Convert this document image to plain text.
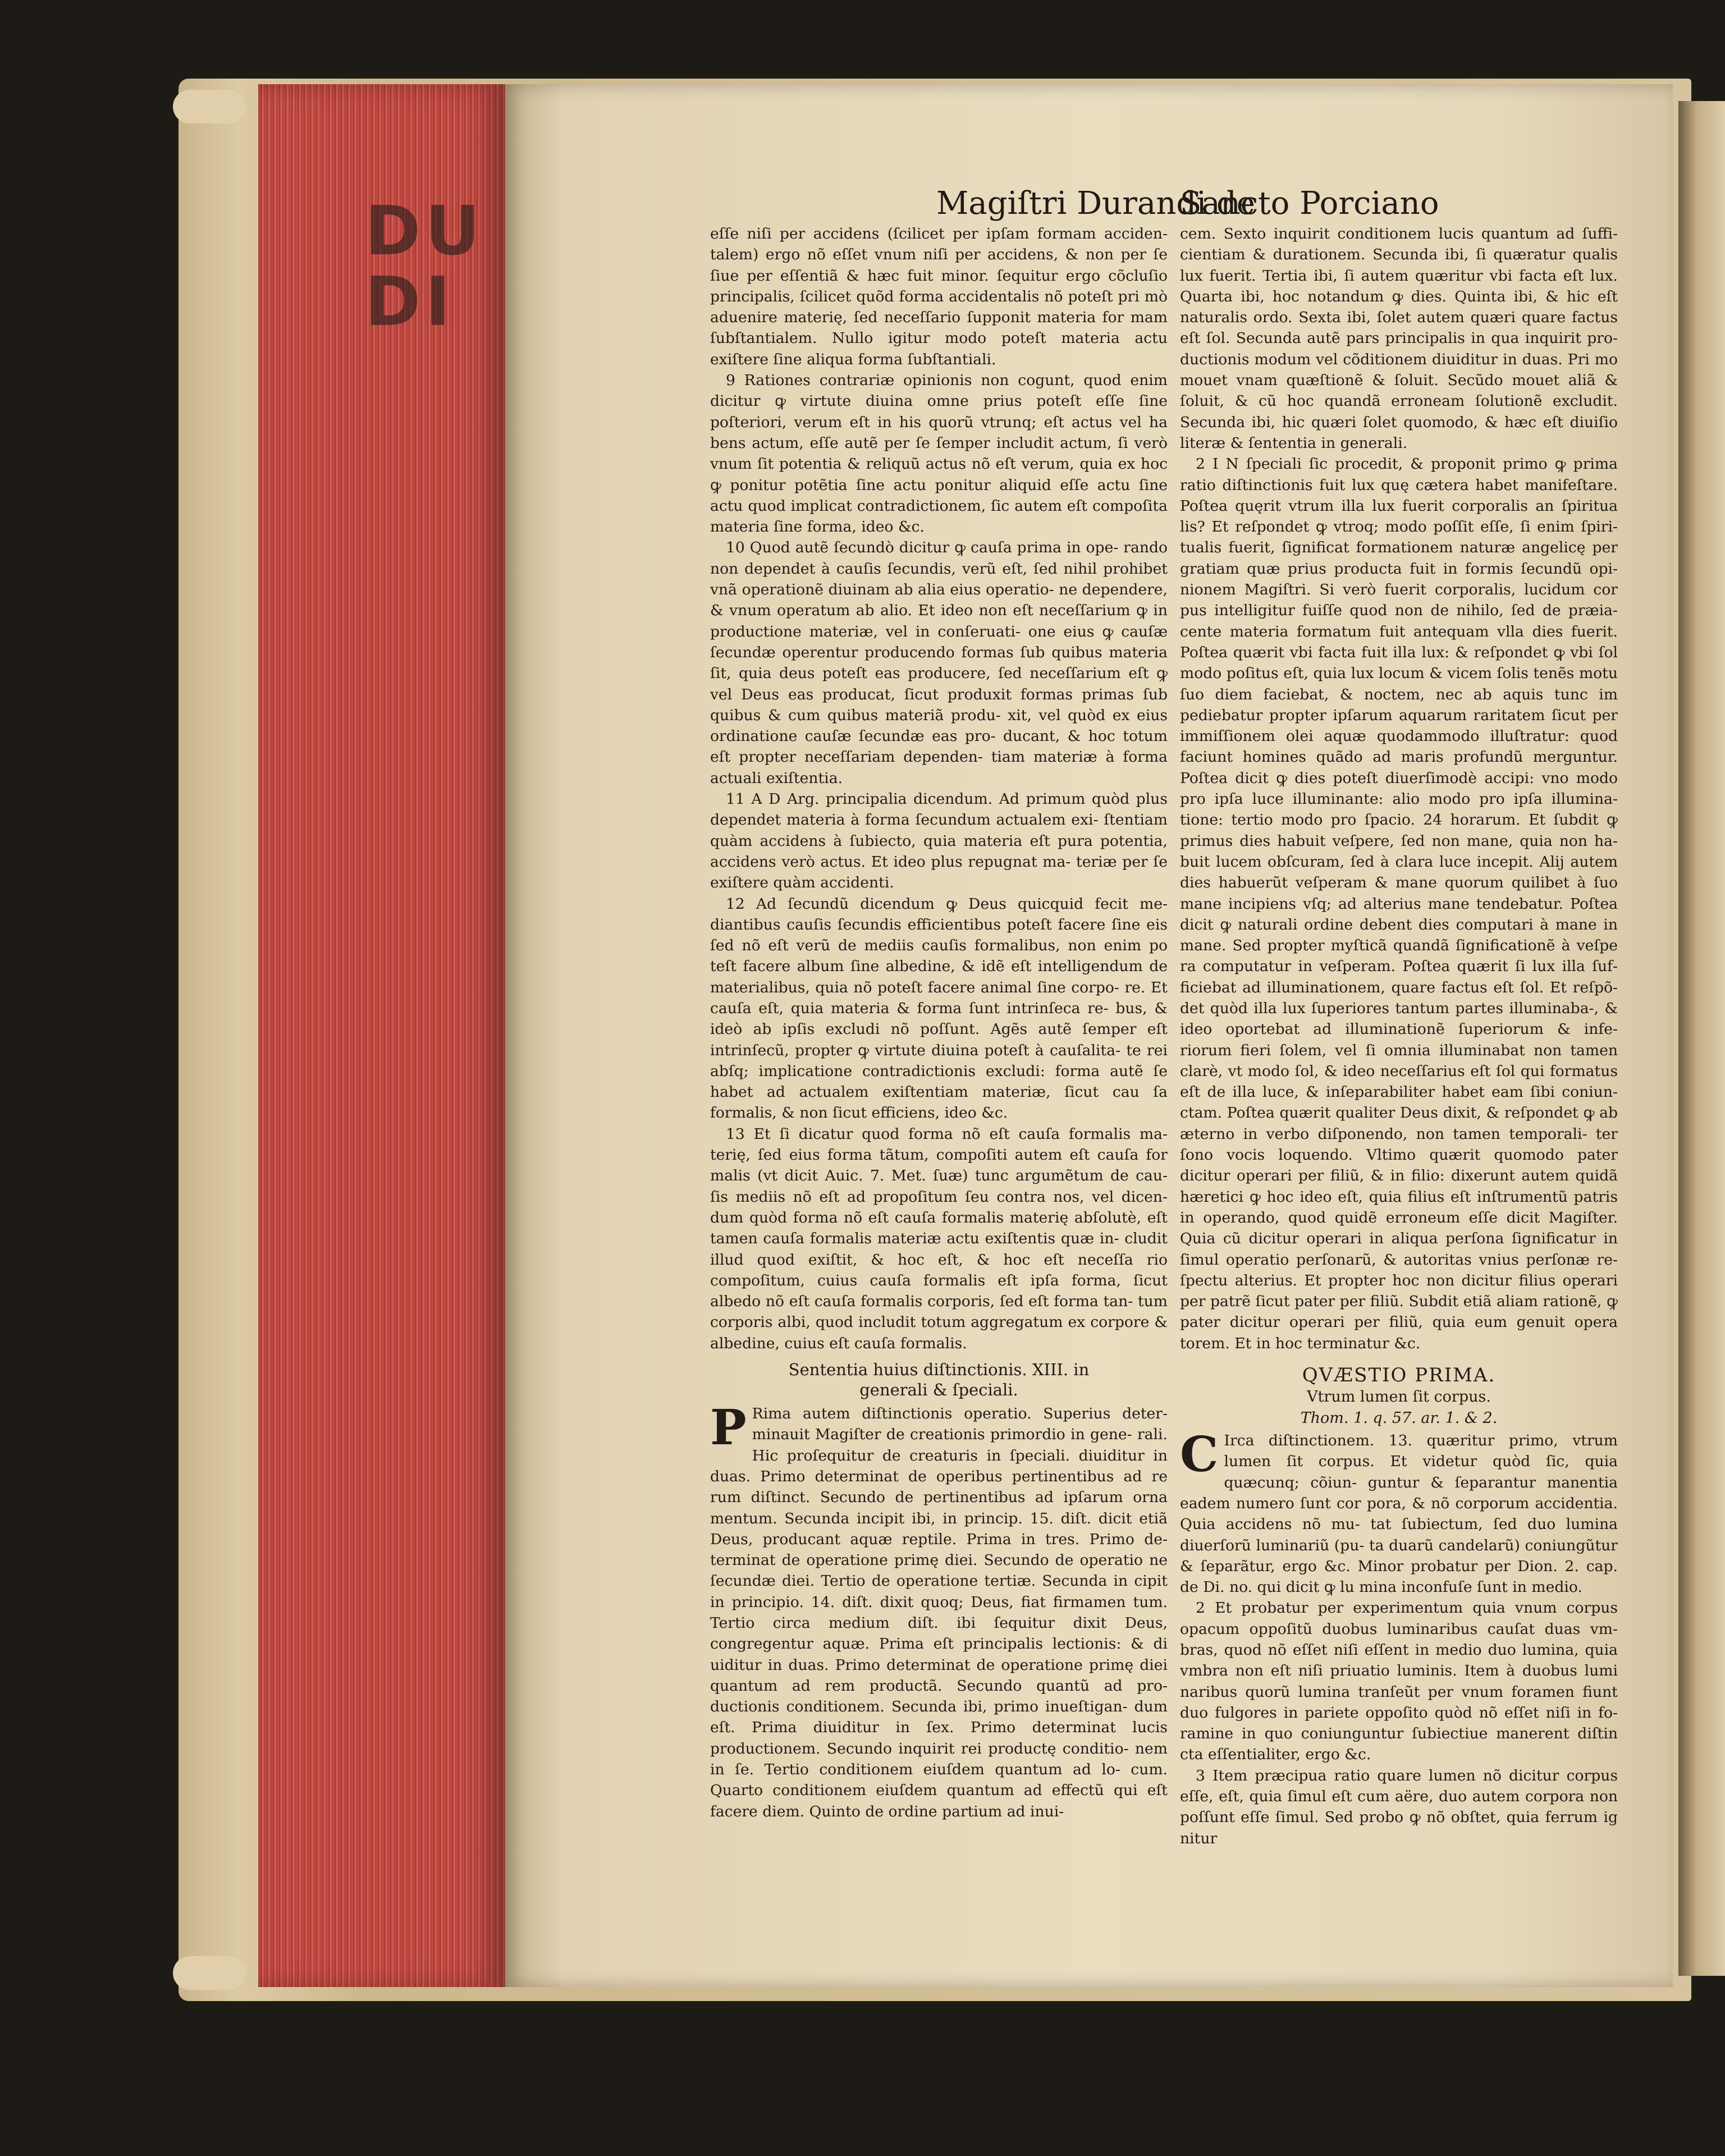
DU
DI
Magiſtri Durandi de
Sancto Porciano

eſſe niſi per accidens (ſcilicet per ipſam formam acciden‑ talem) ergo nõ eſſet vnum niſi per accidens, & non per ſe ſiue per eſſentiã & hæc fuit minor. ſequitur ergo cõcluſio principalis, ſcilicet quõd forma accidentalis nõ poteſt pri mò aduenire materię, ſed neceſſario ſupponit materia for mam ſubſtantialem. Nullo igitur modo poteſt materia actu exiſtere ſine aliqua forma ſubſtantiali.

9 Rationes contrariæ opinionis non cogunt, quod enim dicitur ꝙ virtute diuina omne prius poteſt eſſe ſine poſteriori, verum eſt in his quorũ vtrunq; eſt actus vel ha bens actum, eſſe autẽ per ſe ſemper includit actum, ſi verò vnum ſit potentia & reliquũ actus nõ eſt verum, quia ex hoc ꝙ ponitur potẽtia ſine actu ponitur aliquid eſſe actu ſine actu quod implicat contradictionem, ſic autem eſt compoſita materia ſine forma, ideo &c.

10 Quod autẽ ſecundò dicitur ꝙ cauſa prima in ope‑ rando non dependet à cauſis ſecundis, verũ eſt, ſed nihil prohibet vnã operationẽ diuinam ab alia eius operatio‑ ne dependere, & vnum operatum ab alio. Et ideo non eſt neceſſarium ꝙ in productione materiæ, vel in conſeruati‑ one eius ꝙ cauſæ ſecundæ operentur producendo formas ſub quibus materia ſit, quia deus poteſt eas producere, ſed neceſſarium eſt ꝙ vel Deus eas producat, ſicut produxit formas primas ſub quibus & cum quibus materiã produ‑ xit, vel quòd ex eius ordinatione cauſæ ſecundæ eas pro‑ ducant, & hoc totum eſt propter neceſſariam dependen‑ tiam materiæ à forma actuali exiſtentia.

11 A D Arg. principalia dicendum. Ad primum quòd plus dependet materia à forma ſecundum actualem exi‑ ſtentiam quàm accidens à ſubiecto, quia materia eſt pura potentia, accidens verò actus. Et ideo plus repugnat ma‑ teriæ per ſe exiſtere quàm accidenti.

12 Ad ſecundũ dicendum ꝙ Deus quicquid fecit me‑ diantibus cauſis ſecundis efficientibus poteſt facere ſine eis ſed nõ eſt verũ de mediis cauſis formalibus, non enim po teſt facere album ſine albedine, & idẽ eſt intelligendum de materialibus, quia nõ poteſt facere animal ſine corpo‑ re. Et cauſa eſt, quia materia & forma ſunt intrinſeca re‑ bus, & ideò ab ipſis excludi nõ poſſunt. Agẽs autẽ ſemper eſt intrinſecũ, propter ꝙ virtute diuina poteſt à cauſalita‑ te rei abſq; implicatione contradictionis excludi: forma autẽ ſe habet ad actualem exiſtentiam materiæ, ſicut cau ſa formalis, & non ſicut efficiens, ideo &c.

13 Et ſi dicatur quod forma nõ eſt cauſa formalis ma‑ terię, ſed eius forma tãtum, compoſiti autem eſt cauſa for malis (vt dicit Auic. 7. Met. ſuæ) tunc argumẽtum de cau‑ ſis mediis nõ eſt ad propoſitum ſeu contra nos, vel dicen‑ dum quòd forma nõ eſt cauſa formalis materię abſolutè, eſt tamen cauſa formalis materiæ actu exiſtentis quæ in‑ cludit illud quod exiſtit, & hoc eſt, & hoc eſt neceſſa rio compoſitum, cuius cauſa formalis eſt ipſa forma, ſicut albedo nõ eſt cauſa formalis corporis, ſed eſt forma tan‑ tum corporis albi, quod includit totum aggregatum ex corpore & albedine, cuius eſt cauſa formalis.

Sententia huius diſtinctionis. XIII. in
generali & ſpeciali.

P Rima autem diſtinctionis operatio. Superius deter‑ minauit Magiſter de creationis primordio in gene‑ rali. Hic proſequitur de creaturis in ſpeciali. diuiditur in duas. Primo determinat de operibus pertinentibus ad re rum diſtinct. Secundo de pertinentibus ad ipſarum orna mentum. Secunda incipit ibi, in princip. 15. diſt. dicit etiã Deus, producant aquæ reptile. Prima in tres. Primo de‑ terminat de operatione primę diei. Secundo de operatio ne ſecundæ diei. Tertio de operatione tertiæ. Secunda in cipit in principio. 14. diſt. dixit quoq; Deus, fiat firmamen tum. Tertio circa medium diſt. ibi ſequitur dixit Deus, congregentur aquæ. Prima eſt principalis lectionis: & di uiditur in duas. Primo determinat de operatione primę diei quantum ad rem productã. Secundo quantũ ad pro‑ ductionis conditionem. Secunda ibi, primo inueſtigan‑ dum eſt. Prima diuiditur in ſex. Primo determinat lucis productionem. Secundo inquirit rei productę conditio‑ nem in ſe. Tertio conditionem eiuſdem quantum ad lo‑ cum. Quarto conditionem eiuſdem quantum ad effectũ qui eſt facere diem. Quinto de ordine partium ad inui‑

cem. Sexto inquirit conditionem lucis quantum ad ſuffi‑ cientiam & durationem. Secunda ibi, ſi quæratur qualis lux fuerit. Tertia ibi, ſi autem quæritur vbi facta eſt lux. Quarta ibi, hoc notandum ꝙ dies. Quinta ibi, & hic eſt naturalis ordo. Sexta ibi, ſolet autem quæri quare factus eſt ſol. Secunda autẽ pars principalis in qua inquirit pro‑ ductionis modum vel cõditionem diuiditur in duas. Pri mo mouet vnam quæſtionẽ & ſoluit. Secũdo mouet aliã & ſoluit, & cũ hoc quandã erroneam ſolutionẽ excludit. Secunda ibi, hic quæri ſolet quomodo, & hæc eſt diuiſio literæ & ſententia in generali.

2 I N ſpeciali ſic procedit, & proponit primo ꝙ prima ratio diſtinctionis fuit lux quę cætera habet manifeſtare. Poſtea quęrit vtrum illa lux fuerit corporalis an ſpiritua lis? Et reſpondet ꝙ vtroq; modo poſſit eſſe, ſi enim ſpiri‑ tualis fuerit, ſignificat formationem naturæ angelicę per gratiam quæ prius producta fuit in formis ſecundũ opi‑ nionem Magiſtri. Si verò fuerit corporalis, lucidum cor pus intelligitur fuiſſe quod non de nihilo, ſed de præia‑ cente materia formatum fuit antequam vlla dies fuerit. Poſtea quærit vbi facta fuit illa lux: & reſpondet ꝙ vbi ſol modo poſitus eſt, quia lux locum & vicem ſolis tenẽs motu ſuo diem faciebat, & noctem, nec ab aquis tunc im pediebatur propter ipſarum aquarum raritatem ſicut per immiſſionem olei aquæ quodammodo illuſtratur: quod faciunt homines quãdo ad maris profundũ merguntur. Poſtea dicit ꝙ dies poteſt diuerſimodè accipi: vno modo pro ipſa luce illuminante: alio modo pro ipſa illumina‑ tione: tertio modo pro ſpacio. 24 horarum. Et ſubdit ꝙ primus dies habuit veſpere, ſed non mane, quia non ha‑ buit lucem obſcuram, ſed à clara luce incepit. Alij autem dies habuerũt veſperam & mane quorum quilibet à ſuo mane incipiens vſq; ad alterius mane tendebatur. Poſtea dicit ꝙ naturali ordine debent dies computari à mane in mane. Sed propter myſticã quandã ſignificationẽ à veſpe ra computatur in veſperam. Poſtea quærit ſi lux illa ſuf‑ ficiebat ad illuminationem, quare factus eſt ſol. Et reſpõ‑ det quòd illa lux ſuperiores tantum partes illuminaba‑, & ideo oportebat ad illuminationẽ ſuperiorum & infe‑ riorum fieri ſolem, vel ſi omnia illuminabat non tamen clarè, vt modo ſol, & ideo neceſſarius eſt ſol qui formatus eſt de illa luce, & inſeparabiliter habet eam ſibi coniun‑ ctam. Poſtea quærit qualiter Deus dixit, & reſpondet ꝙ ab æterno in verbo diſponendo, non tamen temporali‑ ter ſono vocis loquendo. Vltimo quærit quomodo pater dicitur operari per filiũ, & in filio: dixerunt autem quidã hæretici ꝙ hoc ideo eſt, quia filius eſt inſtrumentũ patris in operando, quod quidẽ erroneum eſſe dicit Magiſter. Quia cũ dicitur operari in aliqua perſona ſignificatur in ſimul operatio perſonarũ, & autoritas vnius perſonæ re‑ ſpectu alterius. Et propter hoc non dicitur filius operari per patrẽ ſicut pater per filiũ. Subdit etiã aliam rationẽ, ꝙ pater dicitur operari per filiũ, quia eum genuit opera torem. Et in hoc terminatur &c.

QVÆSTIO PRIMA.
Vtrum lumen ſit corpus.
Thom. 1. q. 57. ar. 1. & 2.

C Irca diſtinctionem. 13. quæritur primo, vtrum lumen ſit corpus. Et videtur quòd ſic, quia quæcunq; cõiun‑ guntur & ſeparantur manentia eadem numero ſunt cor pora, & nõ corporum accidentia. Quia accidens nõ mu‑ tat ſubiectum, ſed duo lumina diuerſorũ luminariũ (pu‑ ta duarũ candelarũ) coniungũtur & ſeparãtur, ergo &c. Minor probatur per Dion. 2. cap. de Di. no. qui dicit ꝙ lu mina inconfuſe ſunt in medio.

2 Et probatur per experimentum quia vnum corpus opacum oppoſitũ duobus luminaribus cauſat duas vm‑ bras, quod nõ eſſet niſi eſſent in medio duo lumina, quia vmbra non eſt niſi priuatio luminis. Item à duobus lumi naribus quorũ lumina tranſeũt per vnum foramen fiunt duo fulgores in pariete oppoſito quòd nõ eſſet niſi in fo‑ ramine in quo coniunguntur ſubiectiue manerent diſtin cta eſſentialiter, ergo &c.

3 Item præcipua ratio quare lumen nõ dicitur corpus eſſe, eſt, quia ſimul eſt cum aëre, duo autem corpora non poſſunt eſſe ſimul. Sed probo ꝙ nõ obſtet, quia ferrum ig nitur
